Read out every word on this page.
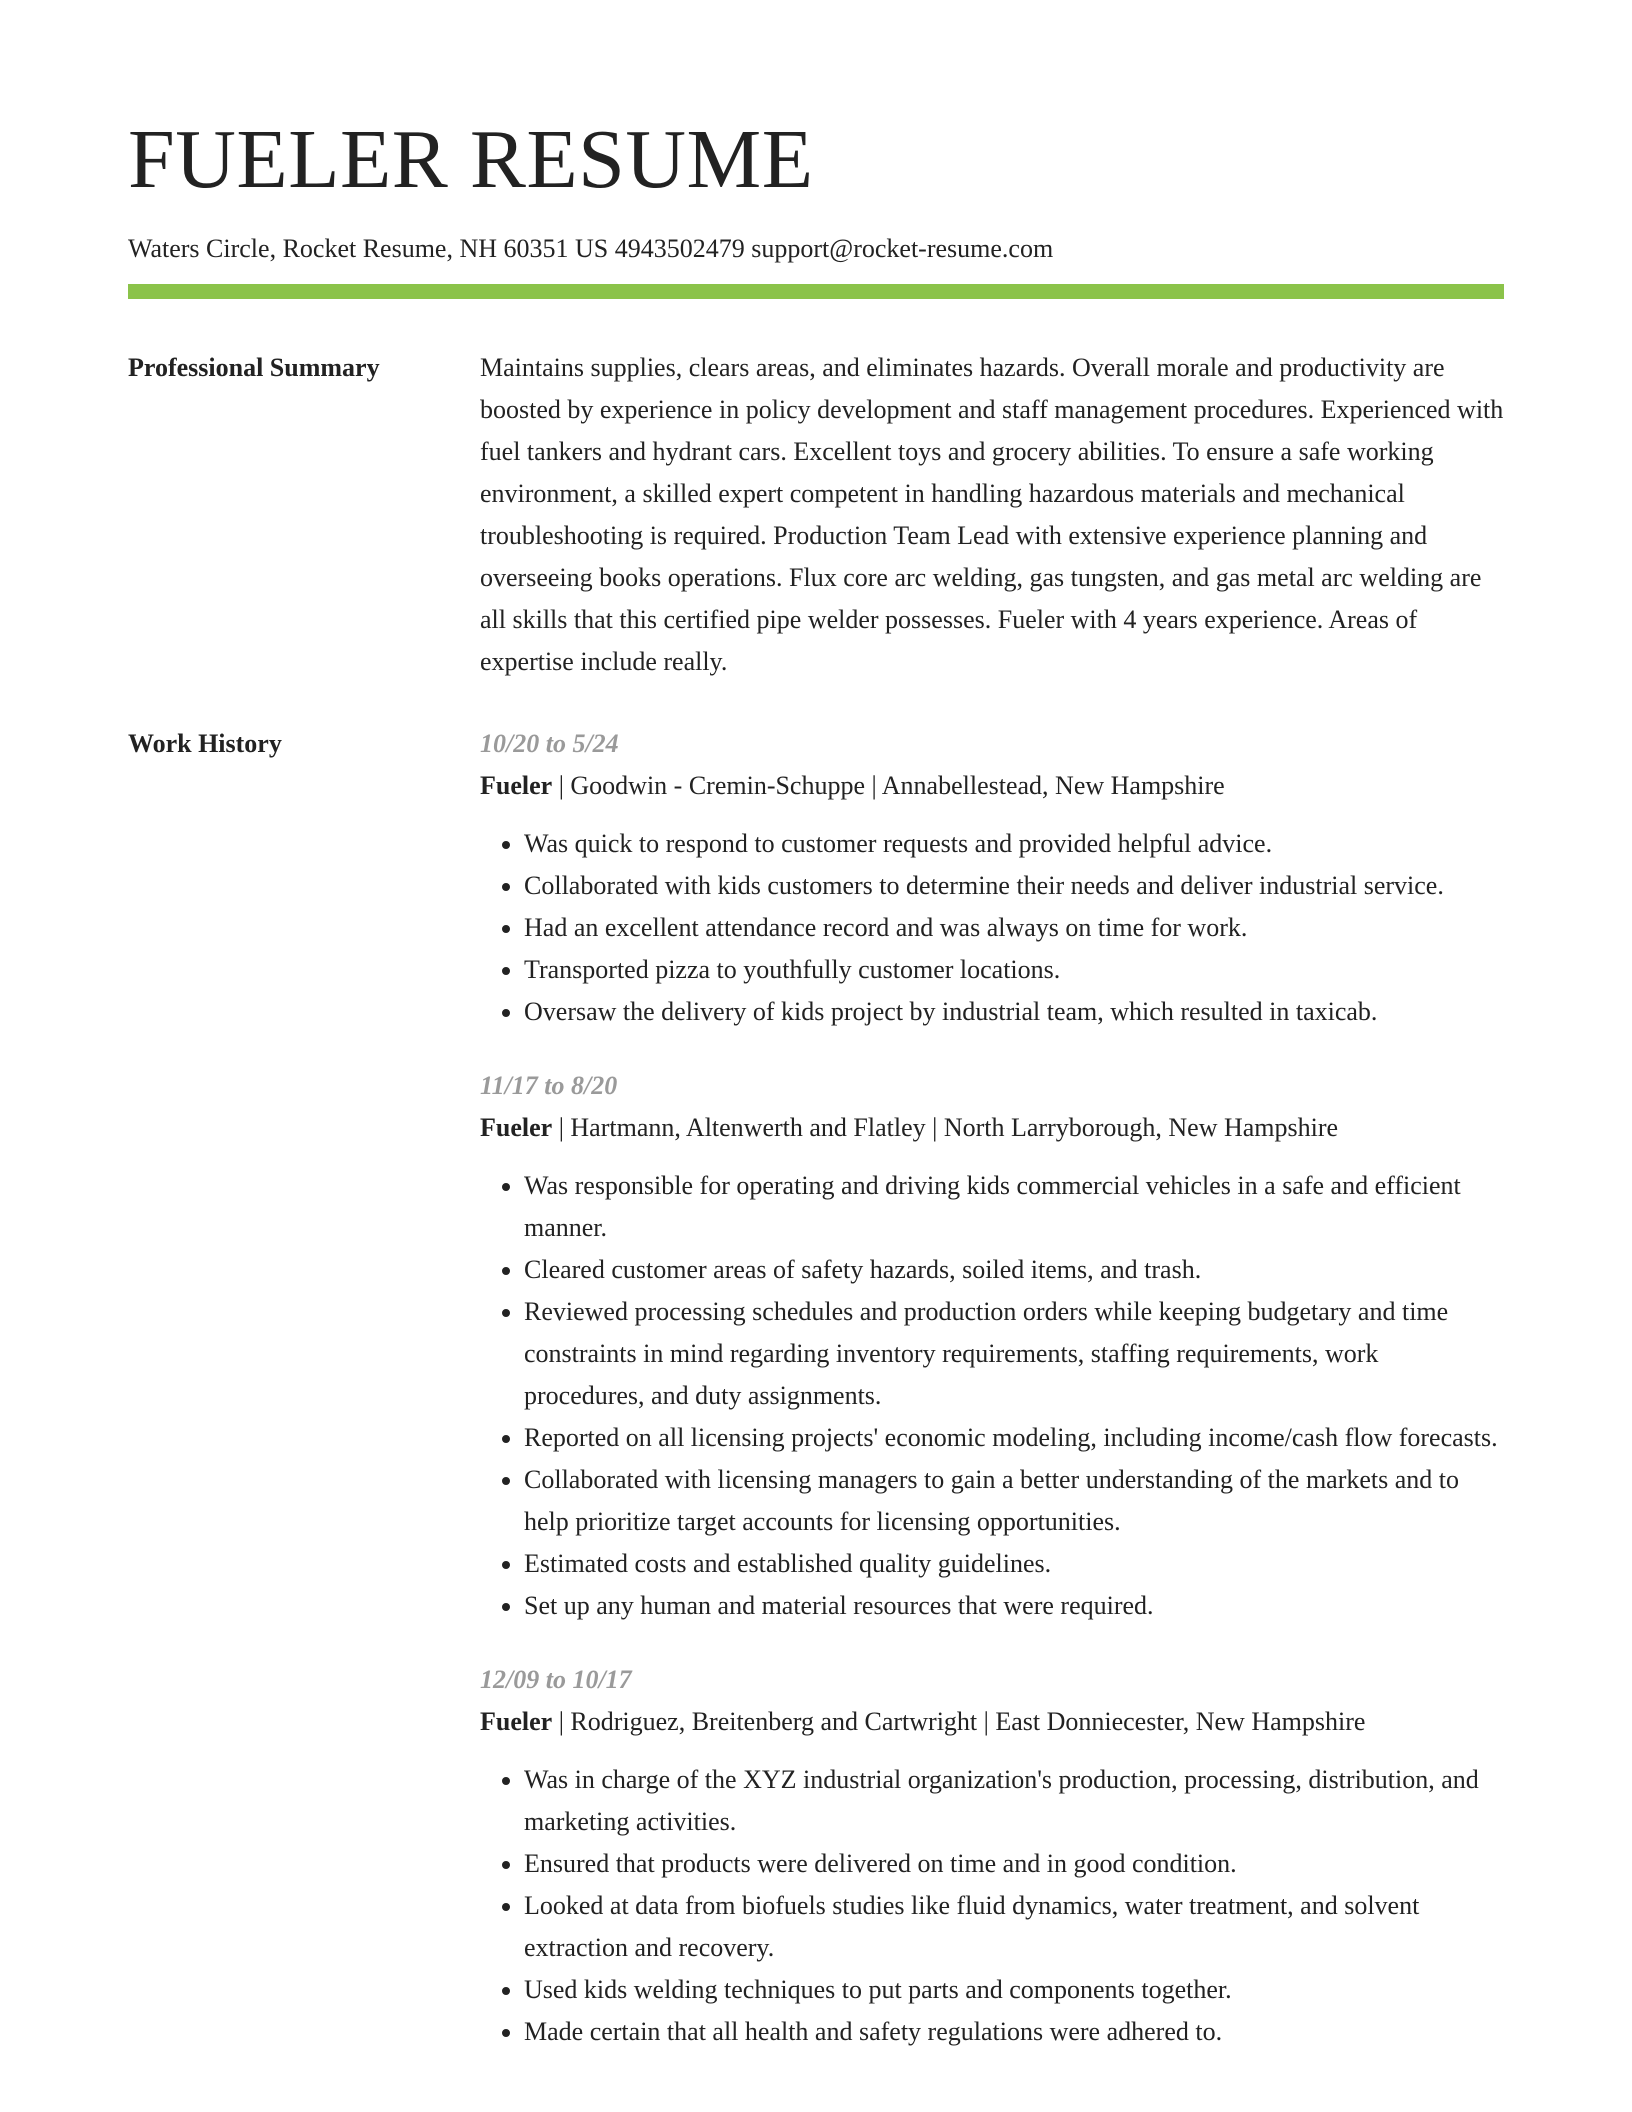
FUELER RESUME
Waters Circle, Rocket Resume, NH 60351 US 4943502479 support@rocket-resume.com
Professional Summary	Maintains supplies, clears areas, and eliminates hazards. Overall morale and productivity are boosted by experience in policy development and staff management procedures. Experienced with fuel tankers and hydrant cars. Excellent toys and grocery abilities. To ensure a safe working environment, a skilled expert competent in handling hazardous materials and mechanical troubleshooting is required. Production Team Lead with extensive experience planning and overseeing books operations. Flux core arc welding, gas tungsten, and gas metal arc welding are all skills that this certified pipe welder possesses. Fueler with 4 years experience. Areas of expertise include really.

Work History	10/20 to 5/24
Fueler | Goodwin - Cremin-Schuppe | Annabellestead, New Hampshire
• Was quick to respond to customer requests and provided helpful advice.
• Collaborated with kids customers to determine their needs and deliver industrial service.
• Had an excellent attendance record and was always on time for work.
• Transported pizza to youthfully customer locations.
• Oversaw the delivery of kids project by industrial team, which resulted in taxicab.
11/17 to 8/20
Fueler | Hartmann, Altenwerth and Flatley | North Larryborough, New Hampshire
• Was responsible for operating and driving kids commercial vehicles in a safe and efficient manner.
• Cleared customer areas of safety hazards, soiled items, and trash.
• Reviewed processing schedules and production orders while keeping budgetary and time constraints in mind regarding inventory requirements, staffing requirements, work procedures, and duty assignments.
• Reported on all licensing projects' economic modeling, including income/cash flow forecasts.
• Collaborated with licensing managers to gain a better understanding of the markets and to help prioritize target accounts for licensing opportunities.
• Estimated costs and established quality guidelines.
• Set up any human and material resources that were required.
12/09 to 10/17
Fueler | Rodriguez, Breitenberg and Cartwright | East Donniecester, New Hampshire
• Was in charge of the XYZ industrial organization's production, processing, distribution, and marketing activities.
• Ensured that products were delivered on time and in good condition.
• Looked at data from biofuels studies like fluid dynamics, water treatment, and solvent extraction and recovery.
• Used kids welding techniques to put parts and components together.
• Made certain that all health and safety regulations were adhered to.
